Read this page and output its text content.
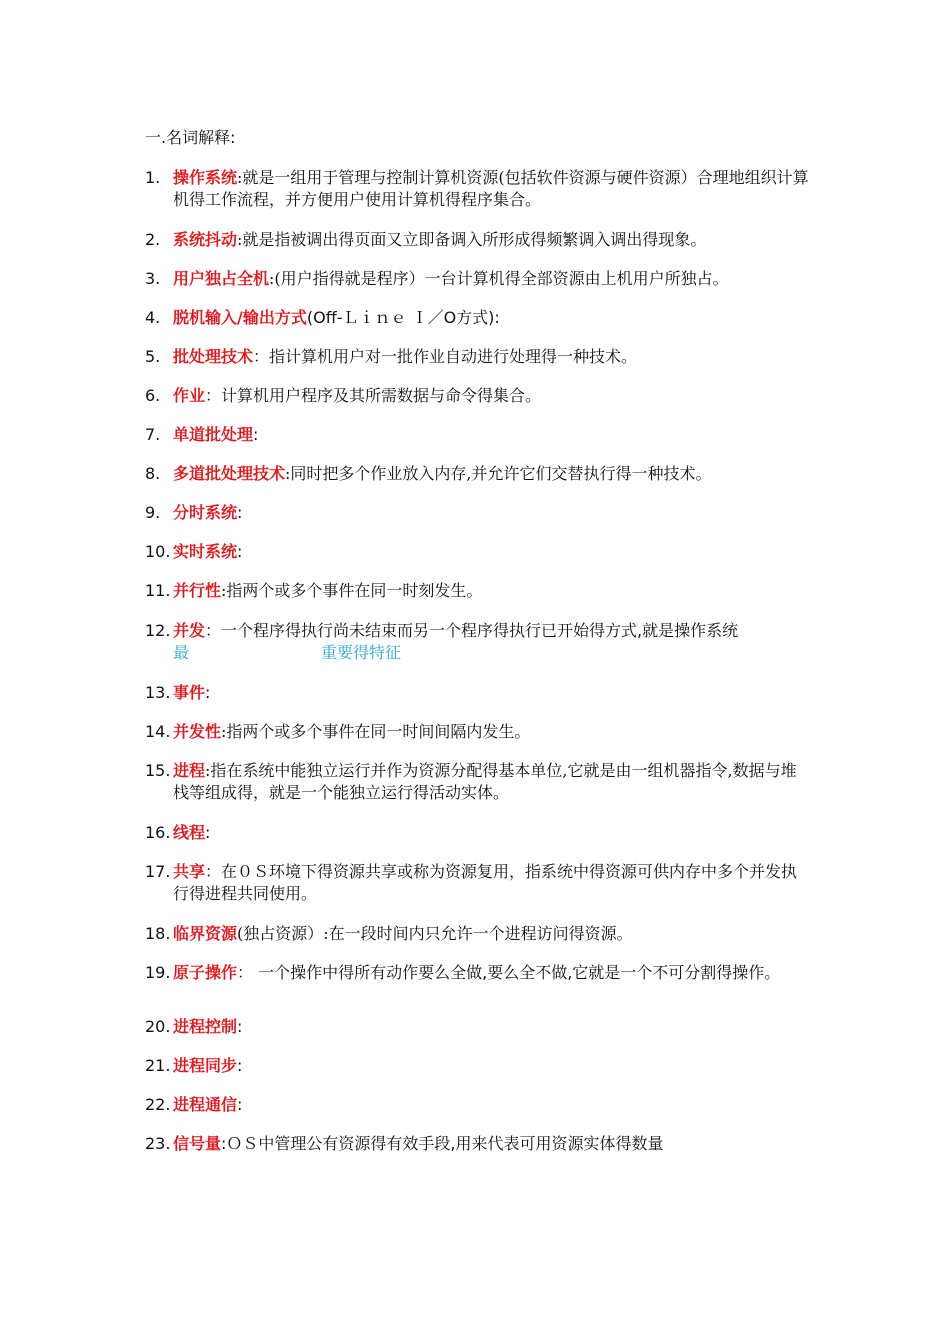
一.名词解释:
1. 操作系统:就是一组用于管理与控制计算机资源(包括软件资源与硬件资源）合理地组织计算机得工作流程，并方便用户使用计算机得程序集合。
2. 系统抖动:就是指被调出得页面又立即备调入所形成得频繁调入调出得现象。
3. 用户独占全机:(用户指得就是程序）一台计算机得全部资源由上机用户所独占。
4. 脱机输入/输出方式(Off-Ｌｉｎｅ Ｉ／O方式):
5. 批处理技术：指计算机用户对一批作业自动进行处理得一种技术。
6. 作业：计算机用户程序及其所需数据与命令得集合。
7. 单道批处理:
8. 多道批处理技术:同时把多个作业放入内存,并允许它们交替执行得一种技术。
9. 分时系统:
10. 实时系统:
11. 并行性:指两个或多个事件在同一时刻发生。
12. 并发：一个程序得执行尚未结束而另一个程序得执行已开始得方式,就是操作系统
最	重要得特征
13. 事件:
14. 并发性:指两个或多个事件在同一时间间隔内发生。
15. 进程:指在系统中能独立运行并作为资源分配得基本单位,它就是由一组机器指令,数据与堆栈等组成得，就是一个能独立运行得活动实体。
16. 线程:
17. 共享：在０Ｓ环境下得资源共享或称为资源复用，指系统中得资源可供内存中多个并发执行得进程共同使用。
18. 临界资源(独占资源）:在一段时间内只允许一个进程访问得资源。
19. 原子操作： 一个操作中得所有动作要么全做,要么全不做,它就是一个不可分割得操作。
20. 进程控制:
21. 进程同步:
22. 进程通信:
23. 信号量:ＯＳ中管理公有资源得有效手段,用来代表可用资源实体得数量
